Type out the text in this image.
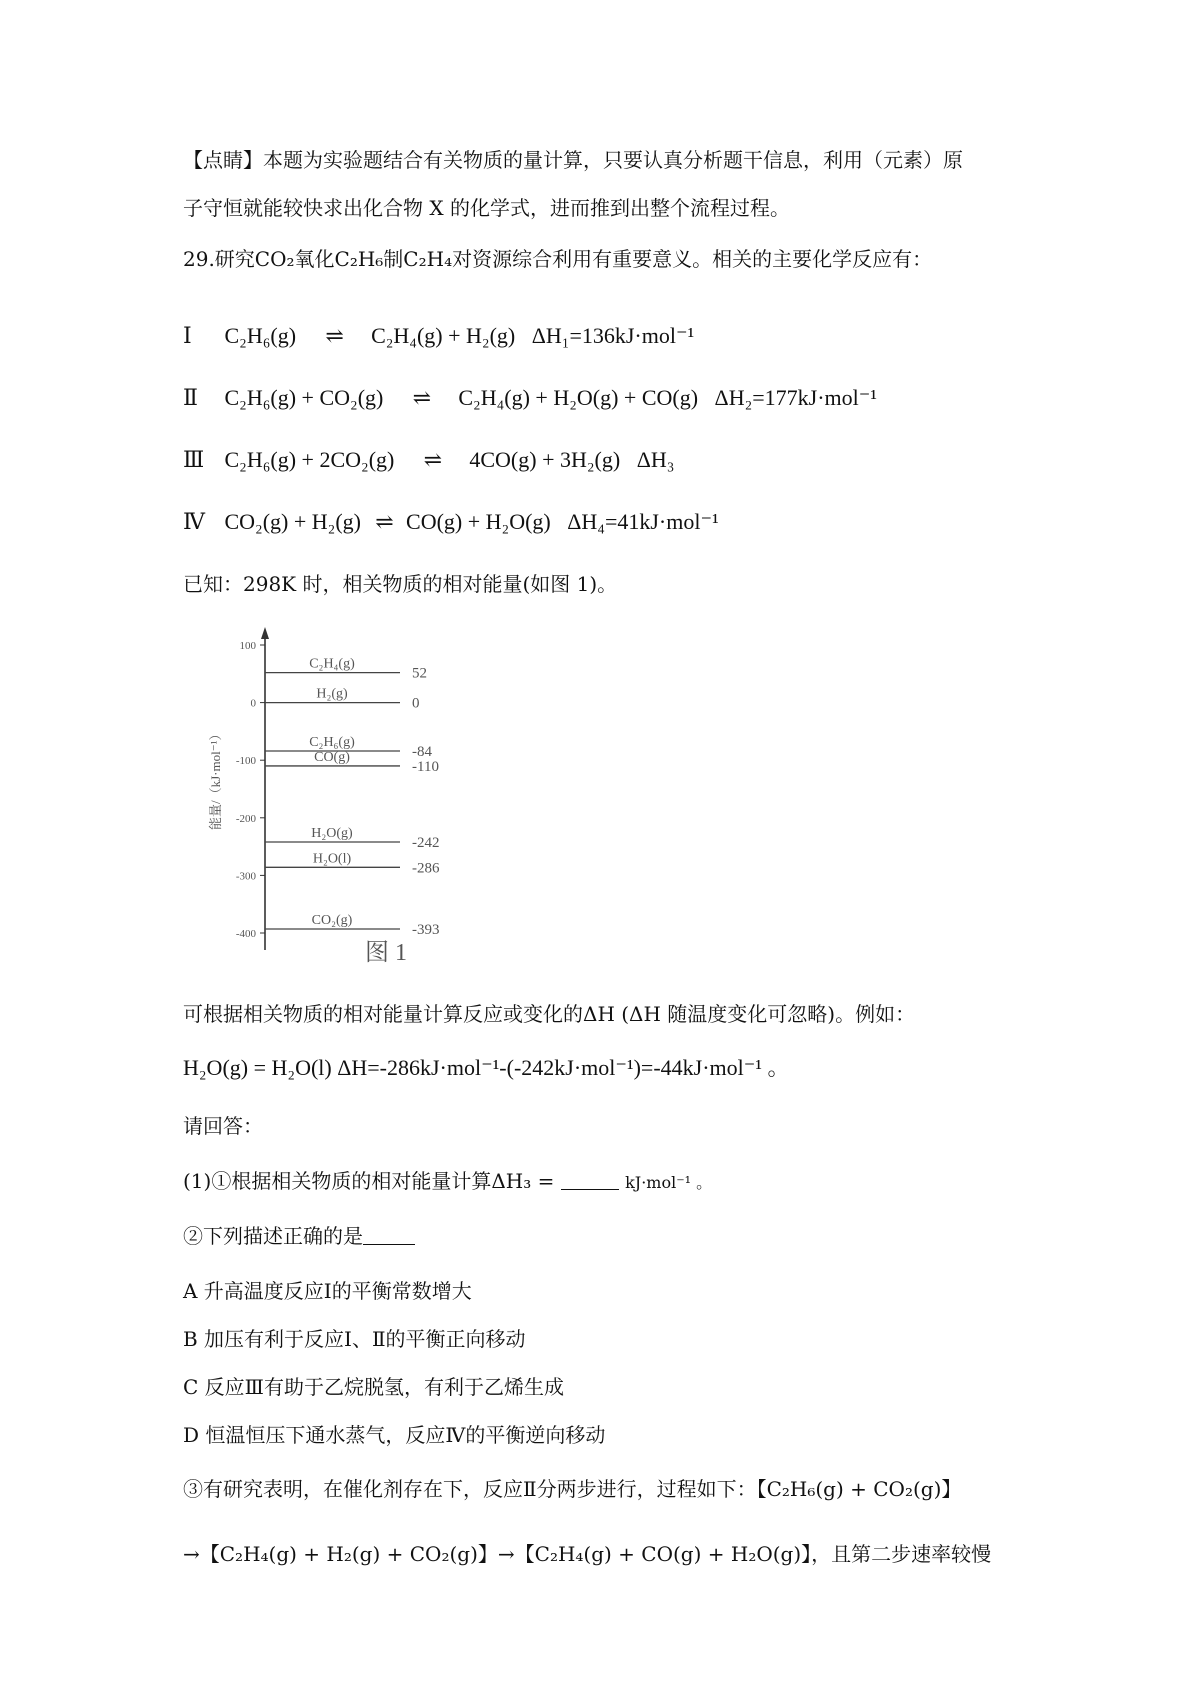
【点睛】本题为实验题结合有关物质的量计算，只要认真分析题干信息，利用（元素）原
子守恒就能较快求出化合物 X 的化学式，进而推到出整个流程过程。
29.研究CO₂氧化C₂H₆制C₂H₄对资源综合利用有重要意义。相关的主要化学反应有：
Ⅰ C₂H₆(g) ⇌ C₂H₄(g) + H₂(g) ΔH₁=136kJ·mol⁻¹
Ⅱ C₂H₆(g) + CO₂(g) ⇌ C₂H₄(g) + H₂O(g) + CO(g) ΔH₂=177kJ·mol⁻¹
Ⅲ C₂H₆(g) + 2CO₂(g) ⇌ 4CO(g) + 3H₂(g) ΔH₃
Ⅳ CO₂(g) + H₂(g) ⇌ CO(g) + H₂O(g) ΔH₄=41kJ·mol⁻¹
已知：298K 时，相关物质的相对能量(如图 1)。
能量/（kJ·mol⁻¹）
100
0
-100
-200
-300
-400
C₂H₄(g)
52
H₂(g)
0
C₂H₆(g)
-84
CO(g)
-110
H₂O(g)
-242
H₂O(l)
-286
CO₂(g)
-393
图 1
可根据相关物质的相对能量计算反应或变化的ΔH (ΔH 随温度变化可忽略)。例如：
H₂O(g) = H₂O(l) ΔH=-286kJ·mol⁻¹-(-242kJ·mol⁻¹)=-44kJ·mol⁻¹ 。
请回答：
(1)①根据相关物质的相对能量计算ΔH₃ =	kJ·mol⁻¹ 。
②下列描述正确的是
A 升高温度反应Ⅰ的平衡常数增大
B 加压有利于反应Ⅰ、Ⅱ的平衡正向移动
C 反应Ⅲ有助于乙烷脱氢，有利于乙烯生成
D 恒温恒压下通水蒸气，反应Ⅳ的平衡逆向移动
③有研究表明，在催化剂存在下，反应Ⅱ分两步进行，过程如下：【C₂H₆(g) + CO₂(g)】
→【C₂H₄(g) + H₂(g) + CO₂(g)】→【C₂H₄(g) + CO(g) + H₂O(g)】，且第二步速率较慢
